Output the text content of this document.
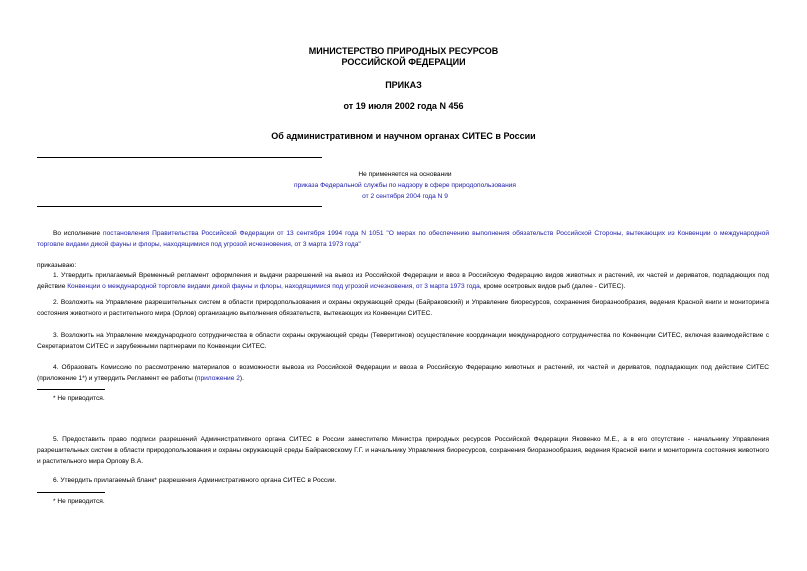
МИНИСТЕРСТВО ПРИРОДНЫХ РЕСУРСОВ
РОССИЙСКОЙ ФЕДЕРАЦИИ
ПРИКАЗ
от 19 июля 2002 года N 456
Об административном и научном органах СИТЕС в России
Не применяется на основании
приказа Федеральной службы по надзору в сфере природопользования
от 2 сентября 2004 года N 9
Во исполнение постановления Правительства Российской Федерации от 13 сентября 1994 года N 1051 "О мерах по обеспечению выполнения обязательств Российской Стороны, вытекающих из Конвенции о международной торговле видами дикой фауны и флоры, находящимися под угрозой исчезновения, от 3 марта 1973 года"
приказываю:
1. Утвердить прилагаемый Временный регламент оформления и выдачи разрешений на вывоз из Российской Федерации и ввоз в Российскую Федерацию видов животных и растений, их частей и дериватов, подпадающих под действие Конвенции о международной торговле видами дикой фауны и флоры, находящимися под угрозой исчезновения, от 3 марта 1973 года, кроме осетровых видов рыб (далее - СИТЕС).
2. Возложить на Управление разрешительных систем в области природопользования и охраны окружающей среды (Байраковский) и Управление биоресурсов, сохранения биоразнообразия, ведения Красной книги и мониторинга состояния животного и растительного мира (Орлов) организацию выполнения обязательств, вытекающих из Конвенции СИТЕС.
3. Возложить на Управление международного сотрудничества в области охраны окружающей среды (Теверитинов) осуществление координации международного сотрудничества по Конвенции СИТЕС, включая взаимодействие с Секретариатом СИТЕС и зарубежными партнерами по Конвенции СИТЕС.
4. Образовать Комиссию по рассмотрению материалов о возможности вывоза из Российской Федерации и ввоза в Российскую Федерацию животных и растений, их частей и дериватов, подпадающих под действие СИТЕС (приложение 1*) и утвердить Регламент ее работы (приложение 2).
* Не приводится.
5. Предоставить право подписи разрешений Административного органа СИТЕС в России заместителю Министра природных ресурсов Российской Федерации Яковенко М.Е., а в его отсутствие - начальнику Управления разрешительных систем в области природопользования и охраны окружающей среды Байраковскому Г.Г. и начальнику Управления биоресурсов, сохранения биоразнообразия, ведения Красной книги и мониторинга состояния животного и растительного мира Орлову В.А.
6. Утвердить прилагаемый бланк* разрешения Административного органа СИТЕС в России.
* Не приводится.
